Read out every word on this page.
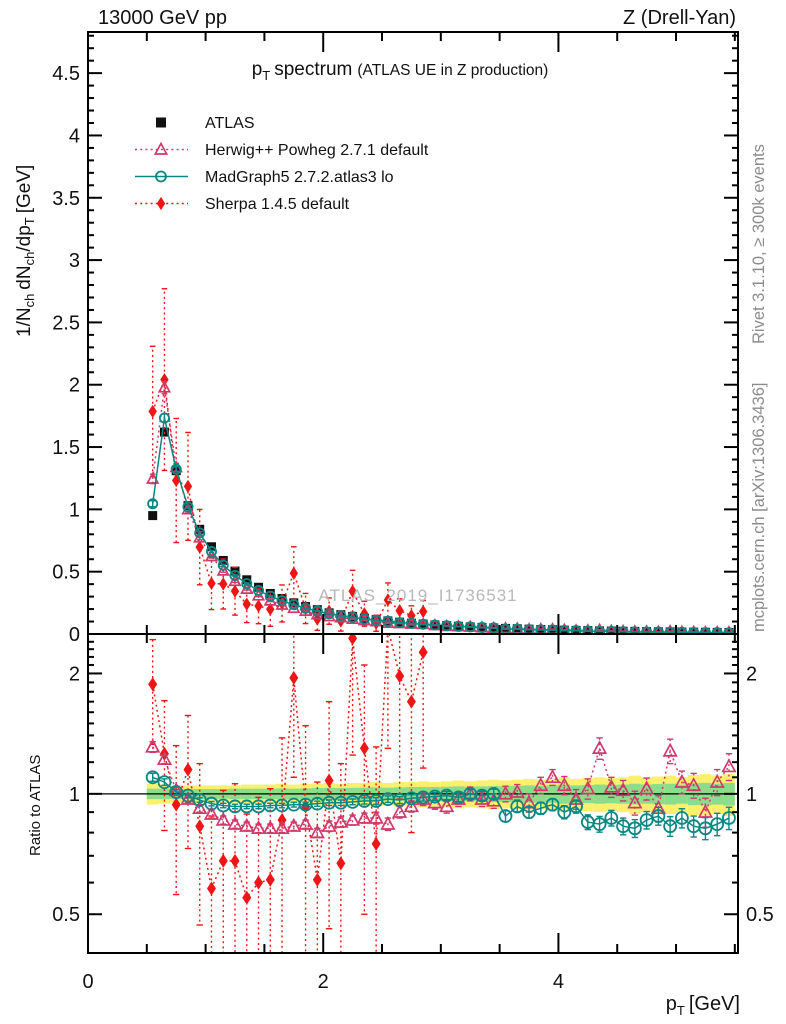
13000 GeV pp	Z (Drell-Yan)
0
0.5
1
1.5
2
2.5
3
3.5
4
4.5
0.5	0.5
1	1
2	2
0	2	4
$p_T$ spectrum (ATLAS UE in Z production)
ATLAS
Herwig++ Powheg 2.7.1 default
MadGraph5 2.7.2.atlas3 lo
Sherpa 1.4.5 default
ATLAS_2019_I1736531
$1/N_{ch}dN_{ch}/dp_T[GeV]$
Ratio to ATLAS
$p_T$ [GeV]
Rivet 3.1.10, ≥ 300k events
mcplots.cern.ch [arXiv:1306.3436]
